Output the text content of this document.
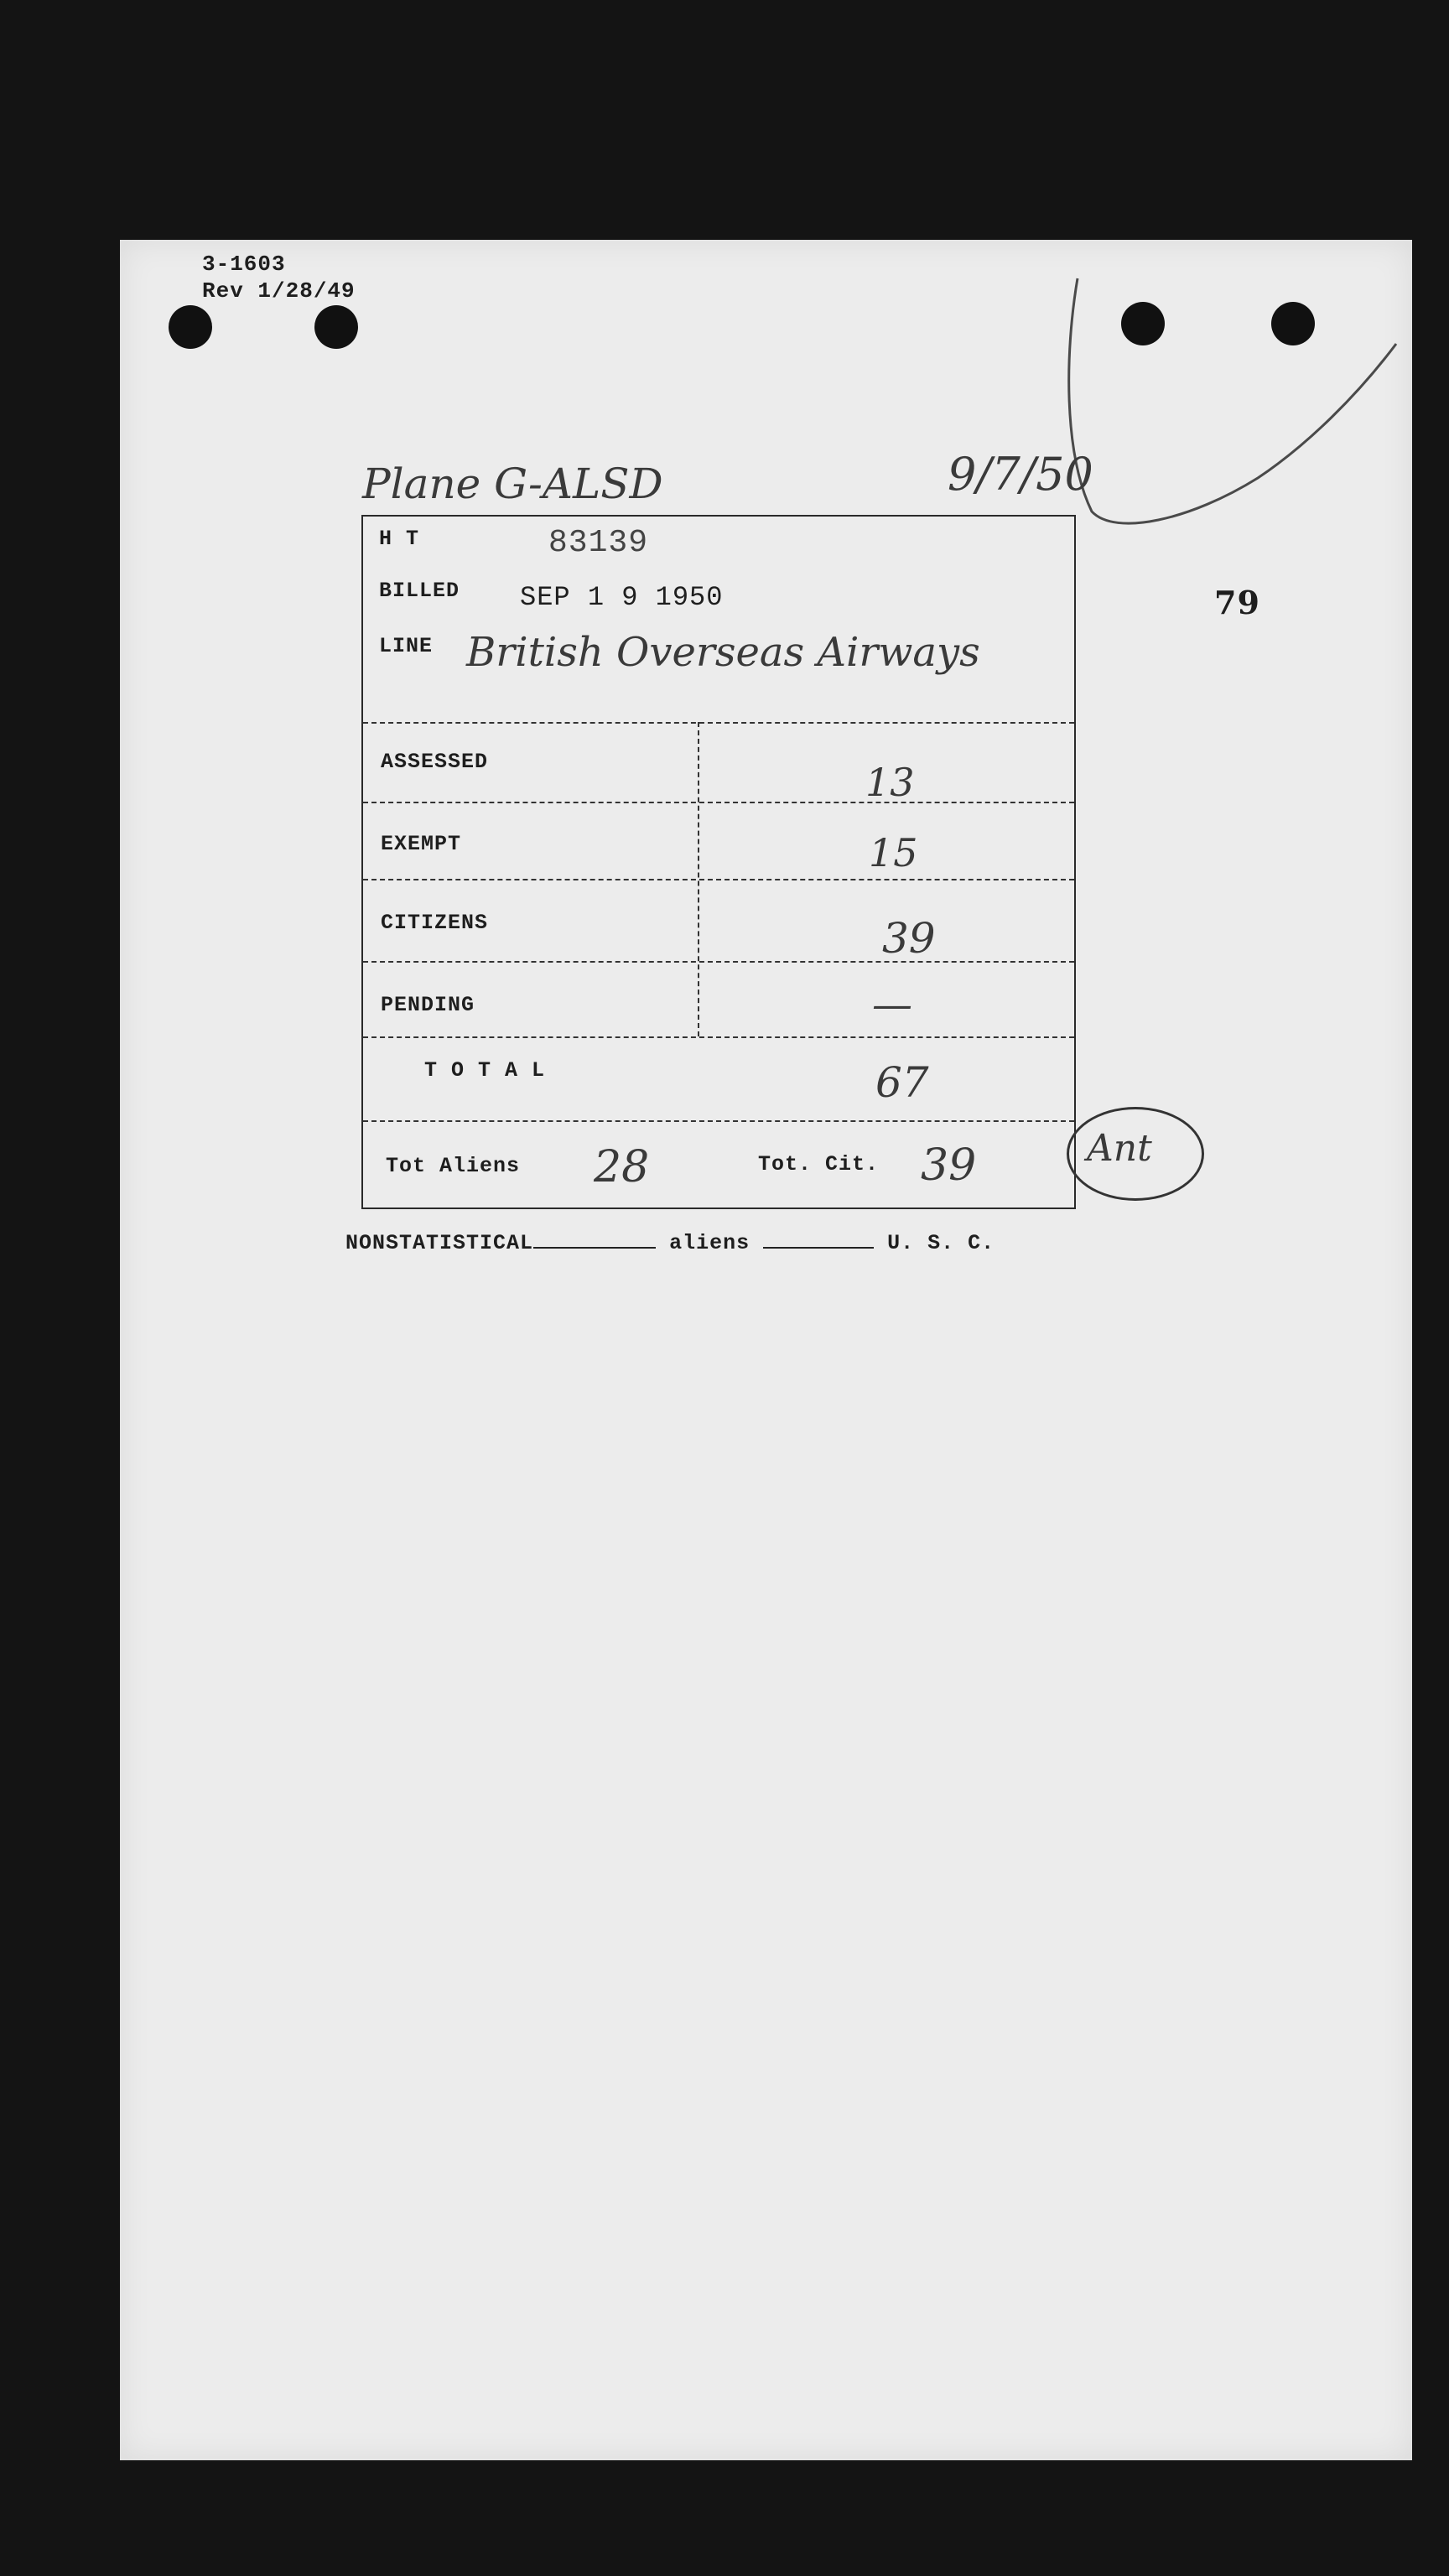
3-1603
Rev 1/28/49
Plane G-ALSD	9/7/50
79
H T	83139
BILLED SEP 1 9 1950
LINE British Overseas Airways
ASSESSED	13
EXEMPT	15
CITIZENS	39
PENDING	—
T O T A L	67
Tot Aliens 28	Tot. Cit. 39	Ant
NONSTATISTICAL	aliens	U. S. C.
